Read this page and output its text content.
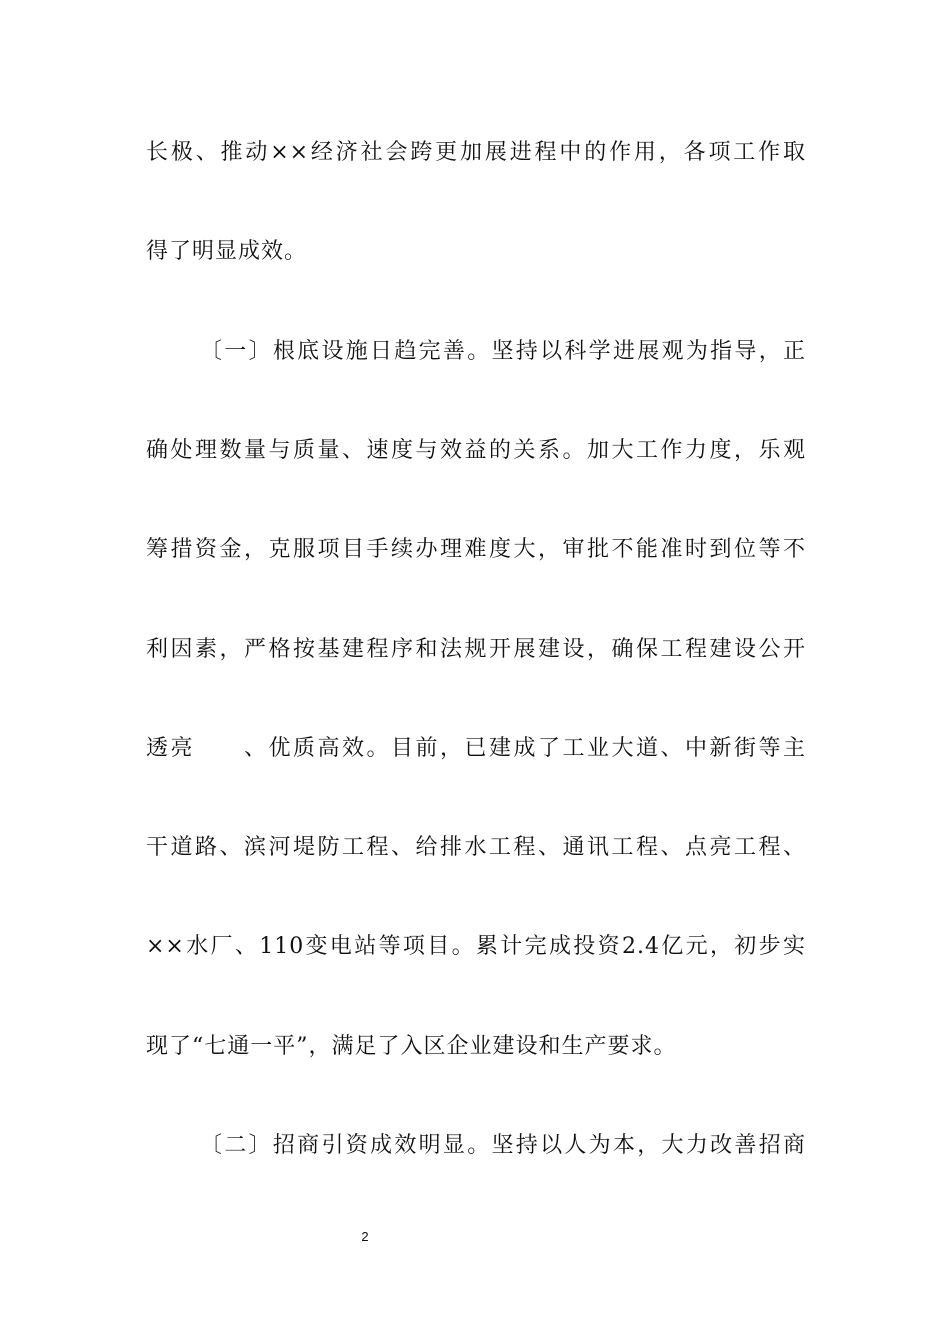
长极、推动××经济社会跨更加展进程中的作用，各项工作取
得了明显成效。
〔一〕根底设施日趋完善。坚持以科学进展观为指导，正
确处理数量与质量、速度与效益的关系。加大工作力度，乐观
筹措资金，克服项目手续办理难度大，审批不能准时到位等不
利因素，严格按基建程序和法规开展建设，确保工程建设公开
透亮　　、优质高效。目前，已建成了工业大道、中新街等主
干道路、滨河堤防工程、给排水工程、通讯工程、点亮工程、
××水厂、110变电站等项目。累计完成投资2.4亿元，初步实
现了“七通一平”，满足了入区企业建设和生产要求。
〔二〕招商引资成效明显。坚持以人为本，大力改善招商
2
